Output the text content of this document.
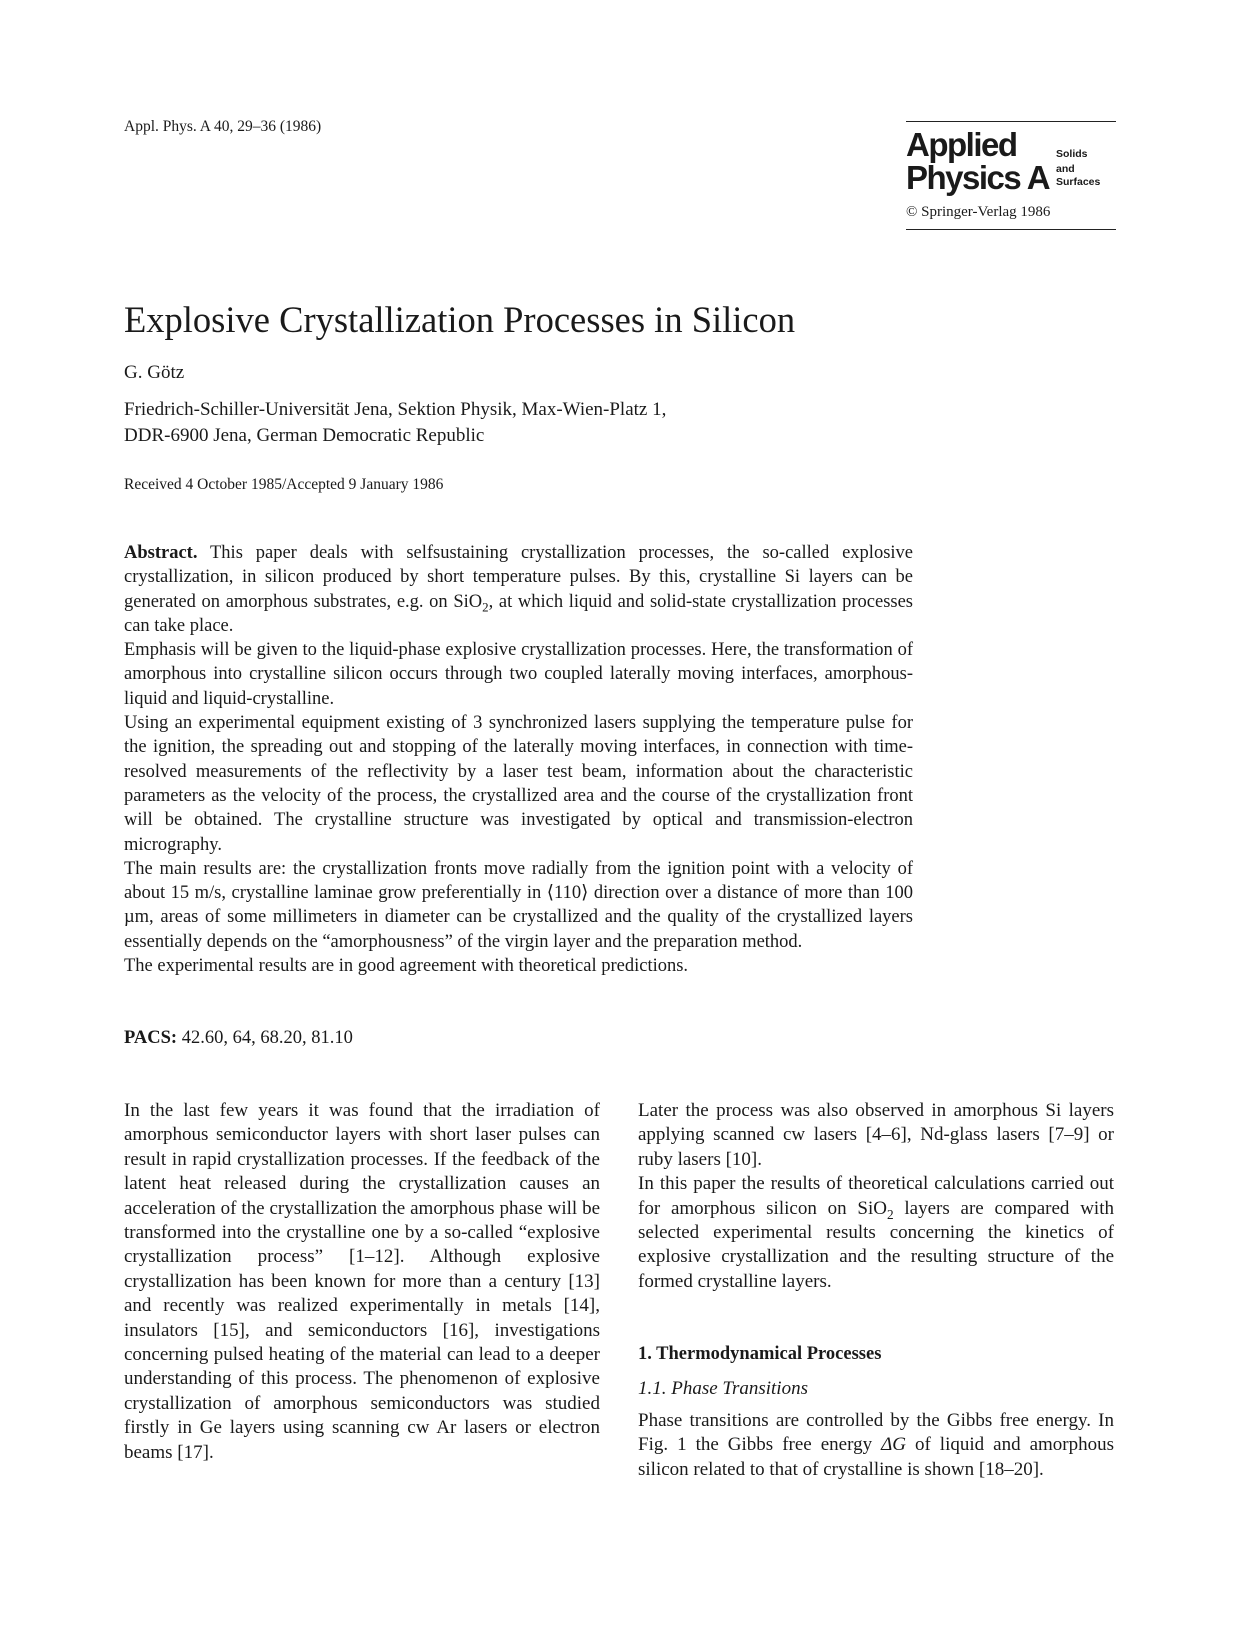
Appl. Phys. A 40, 29–36 (1986)	Applied
Physics A
Solids
and
Surfaces
© Springer-Verlag 1986
Explosive Crystallization Processes in Silicon
G. Götz
Friedrich-Schiller-Universität Jena, Sektion Physik, Max-Wien-Platz 1,
DDR-6900 Jena, German Democratic Republic
Received 4 October 1985/Accepted 9 January 1986

Abstract. This paper deals with selfsustaining crystallization processes, the so-called explosive crystallization, in silicon produced by short temperature pulses. By this, crystalline Si layers can be generated on amorphous substrates, e.g. on SiO$_2$, at which liquid and solid-state crystallization processes can take place.

Emphasis will be given to the liquid-phase explosive crystallization processes. Here, the transformation of amorphous into crystalline silicon occurs through two coupled laterally moving interfaces, amorphous-liquid and liquid-crystalline.

Using an experimental equipment existing of 3 synchronized lasers supplying the temperature pulse for the ignition, the spreading out and stopping of the laterally moving interfaces, in connection with time-resolved measurements of the reflectivity by a laser test beam, information about the characteristic parameters as the velocity of the process, the crystallized area and the course of the crystallization front will be obtained. The crystalline structure was investigated by optical and transmission-electron micrography.

The main results are: the crystallization fronts move radially from the ignition point with a velocity of about 15 m/s, crystalline laminae grow preferentially in ⟨110⟩ direction over a distance of more than 100 µm, areas of some millimeters in diameter can be crystallized and the quality of the crystallized layers essentially depends on the “amorphousness” of the virgin layer and the preparation method.

The experimental results are in good agreement with theoretical predictions.

PACS: 42.60, 64, 68.20, 81.10

In the last few years it was found that the irradiation of amorphous semiconductor layers with short laser pulses can result in rapid crystallization processes. If the feedback of the latent heat released during the crystallization causes an acceleration of the crystallization the amorphous phase will be transformed into the crystalline one by a so-called “explosive crystallization process” [1–12]. Although explosive crystallization has been known for more than a century [13] and recently was realized experimentally in metals [14], insulators [15], and semiconductors [16], investigations concerning pulsed heating of the material can lead to a deeper understanding of this process. The phenomenon of explosive crystallization of amorphous semiconductors was studied firstly in Ge layers using scanning cw Ar lasers or electron beams [17].

Later the process was also observed in amorphous Si layers applying scanned cw lasers [4–6], Nd-glass lasers [7–9] or ruby lasers [10].

In this paper the results of theoretical calculations carried out for amorphous silicon on SiO$_2$ layers are compared with selected experimental results concerning the kinetics of explosive crystallization and the resulting structure of the formed crystalline layers.

1. Thermodynamical Processes

1.1. Phase Transitions

Phase transitions are controlled by the Gibbs free energy. In Fig. 1 the Gibbs free energy ΔG of liquid and amorphous silicon related to that of crystalline is shown [18–20].
